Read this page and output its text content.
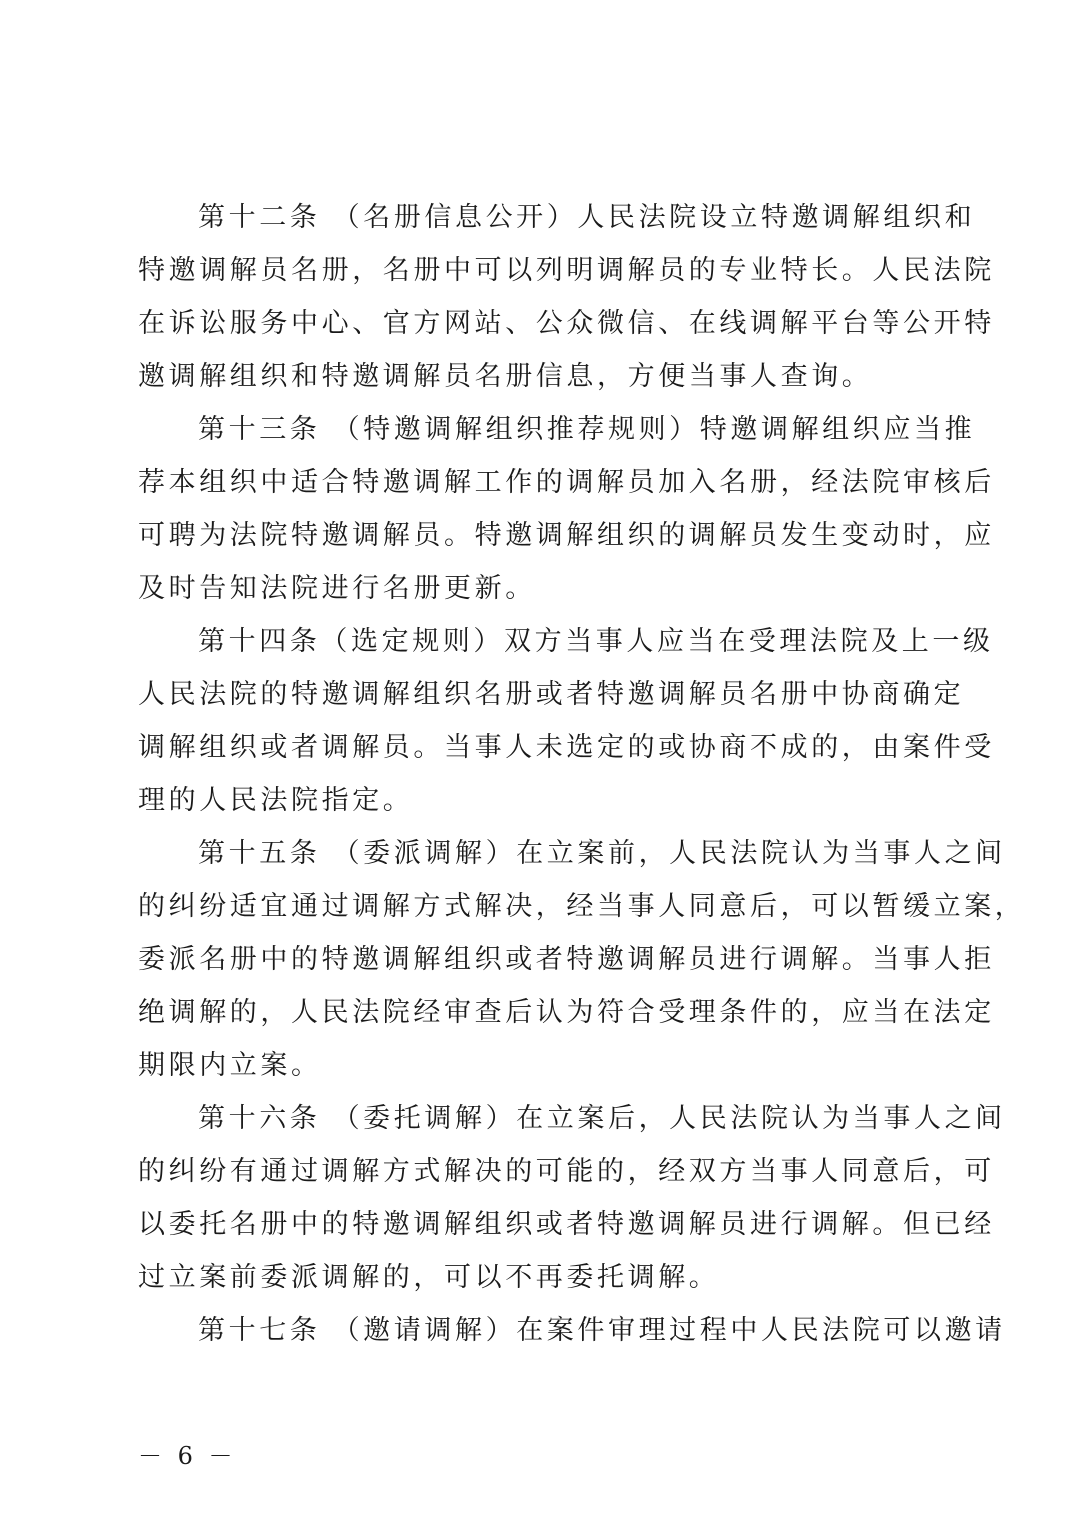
第十二条 （名册信息公开）人民法院设立特邀调解组织和
特邀调解员名册，名册中可以列明调解员的专业特长。人民法院
在诉讼服务中心、官方网站、公众微信、在线调解平台等公开特
邀调解组织和特邀调解员名册信息，方便当事人查询。
第十三条 （特邀调解组织推荐规则）特邀调解组织应当推
荐本组织中适合特邀调解工作的调解员加入名册，经法院审核后
可聘为法院特邀调解员。特邀调解组织的调解员发生变动时，应
及时告知法院进行名册更新。
第十四条（选定规则）双方当事人应当在受理法院及上一级
人民法院的特邀调解组织名册或者特邀调解员名册中协商确定
调解组织或者调解员。当事人未选定的或协商不成的，由案件受
理的人民法院指定。
第十五条 （委派调解）在立案前，人民法院认为当事人之间
的纠纷适宜通过调解方式解决，经当事人同意后，可以暂缓立案，
委派名册中的特邀调解组织或者特邀调解员进行调解。当事人拒
绝调解的，人民法院经审查后认为符合受理条件的，应当在法定
期限内立案。
第十六条 （委托调解）在立案后，人民法院认为当事人之间
的纠纷有通过调解方式解决的可能的，经双方当事人同意后，可
以委托名册中的特邀调解组织或者特邀调解员进行调解。但已经
过立案前委派调解的，可以不再委托调解。
第十七条 （邀请调解）在案件审理过程中人民法院可以邀请
－ 6 －
